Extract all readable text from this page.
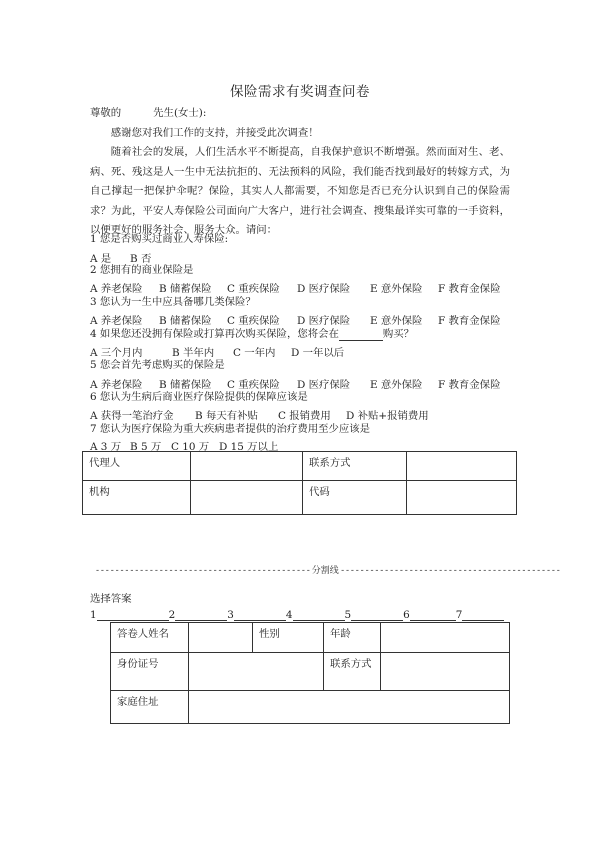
保险需求有奖调查问卷

尊敬的	先生(女士):

感谢您对我们工作的支持，并接受此次调查！

随着社会的发展，人们生活水平不断提高，自我保护意识不断增强。然而面对生、老、病、死、残这是人一生中无法抗拒的、无法预料的风险，我们能否找到最好的转嫁方式，为自己撑起一把保护伞呢？保险，其实人人都需要，不知您是否已充分认识到自己的保险需求？为此，平安人寿保险公司面向广大客户，进行社会调查、搜集最详实可靠的一手资料，以便更好的服务社会、服务大众。请问：

1 您是否购买过商业人寿保险:
A 是 B 否
2 您拥有的商业保险是
A 养老保险 B 储蓄保险 C 重疾保险 D 医疗保险 E 意外保险 F 教育金保险
3 您认为一生中应具备哪几类保险？
A 养老保险 B 储蓄保险 C 重疾保险 D 医疗保险 E 意外保险 F 教育金保险
4 如果您还没拥有保险或打算再次购买保险，您将会在	购买？
A 三个月内	B 半年内 C 一年内 D 一年以后
5 您会首先考虑购买的保险是
A 养老保险 B 储蓄保险 C 重疾保险 D 医疗保险 E 意外保险 F 教育金保险
6 您认为生病后商业医疗保险提供的保障应该是
A 获得一笔治疗金 B 每天有补贴 C 报销费用 D 补贴+报销费用
7 您认为医疗保险为重大疾病患者提供的治疗费用至少应该是
A 3 万 B 5 万 C 10 万 D 15 万以上
代理人		联系方式	
机构		代码	
- - - - - - - - - - - - - - - - - - - - - - - - - - - - - - - - - - - - - - - - - - - - 分割线 - - - - - - - - - - - - - - - - - - - - - - - - - - - - - - - - - - - - - - - - - - - - -
选择答案
1	2	3	4	5	6	7
答卷人姓名		性别	年龄	
身份证号			联系方式	
家庭住址				
